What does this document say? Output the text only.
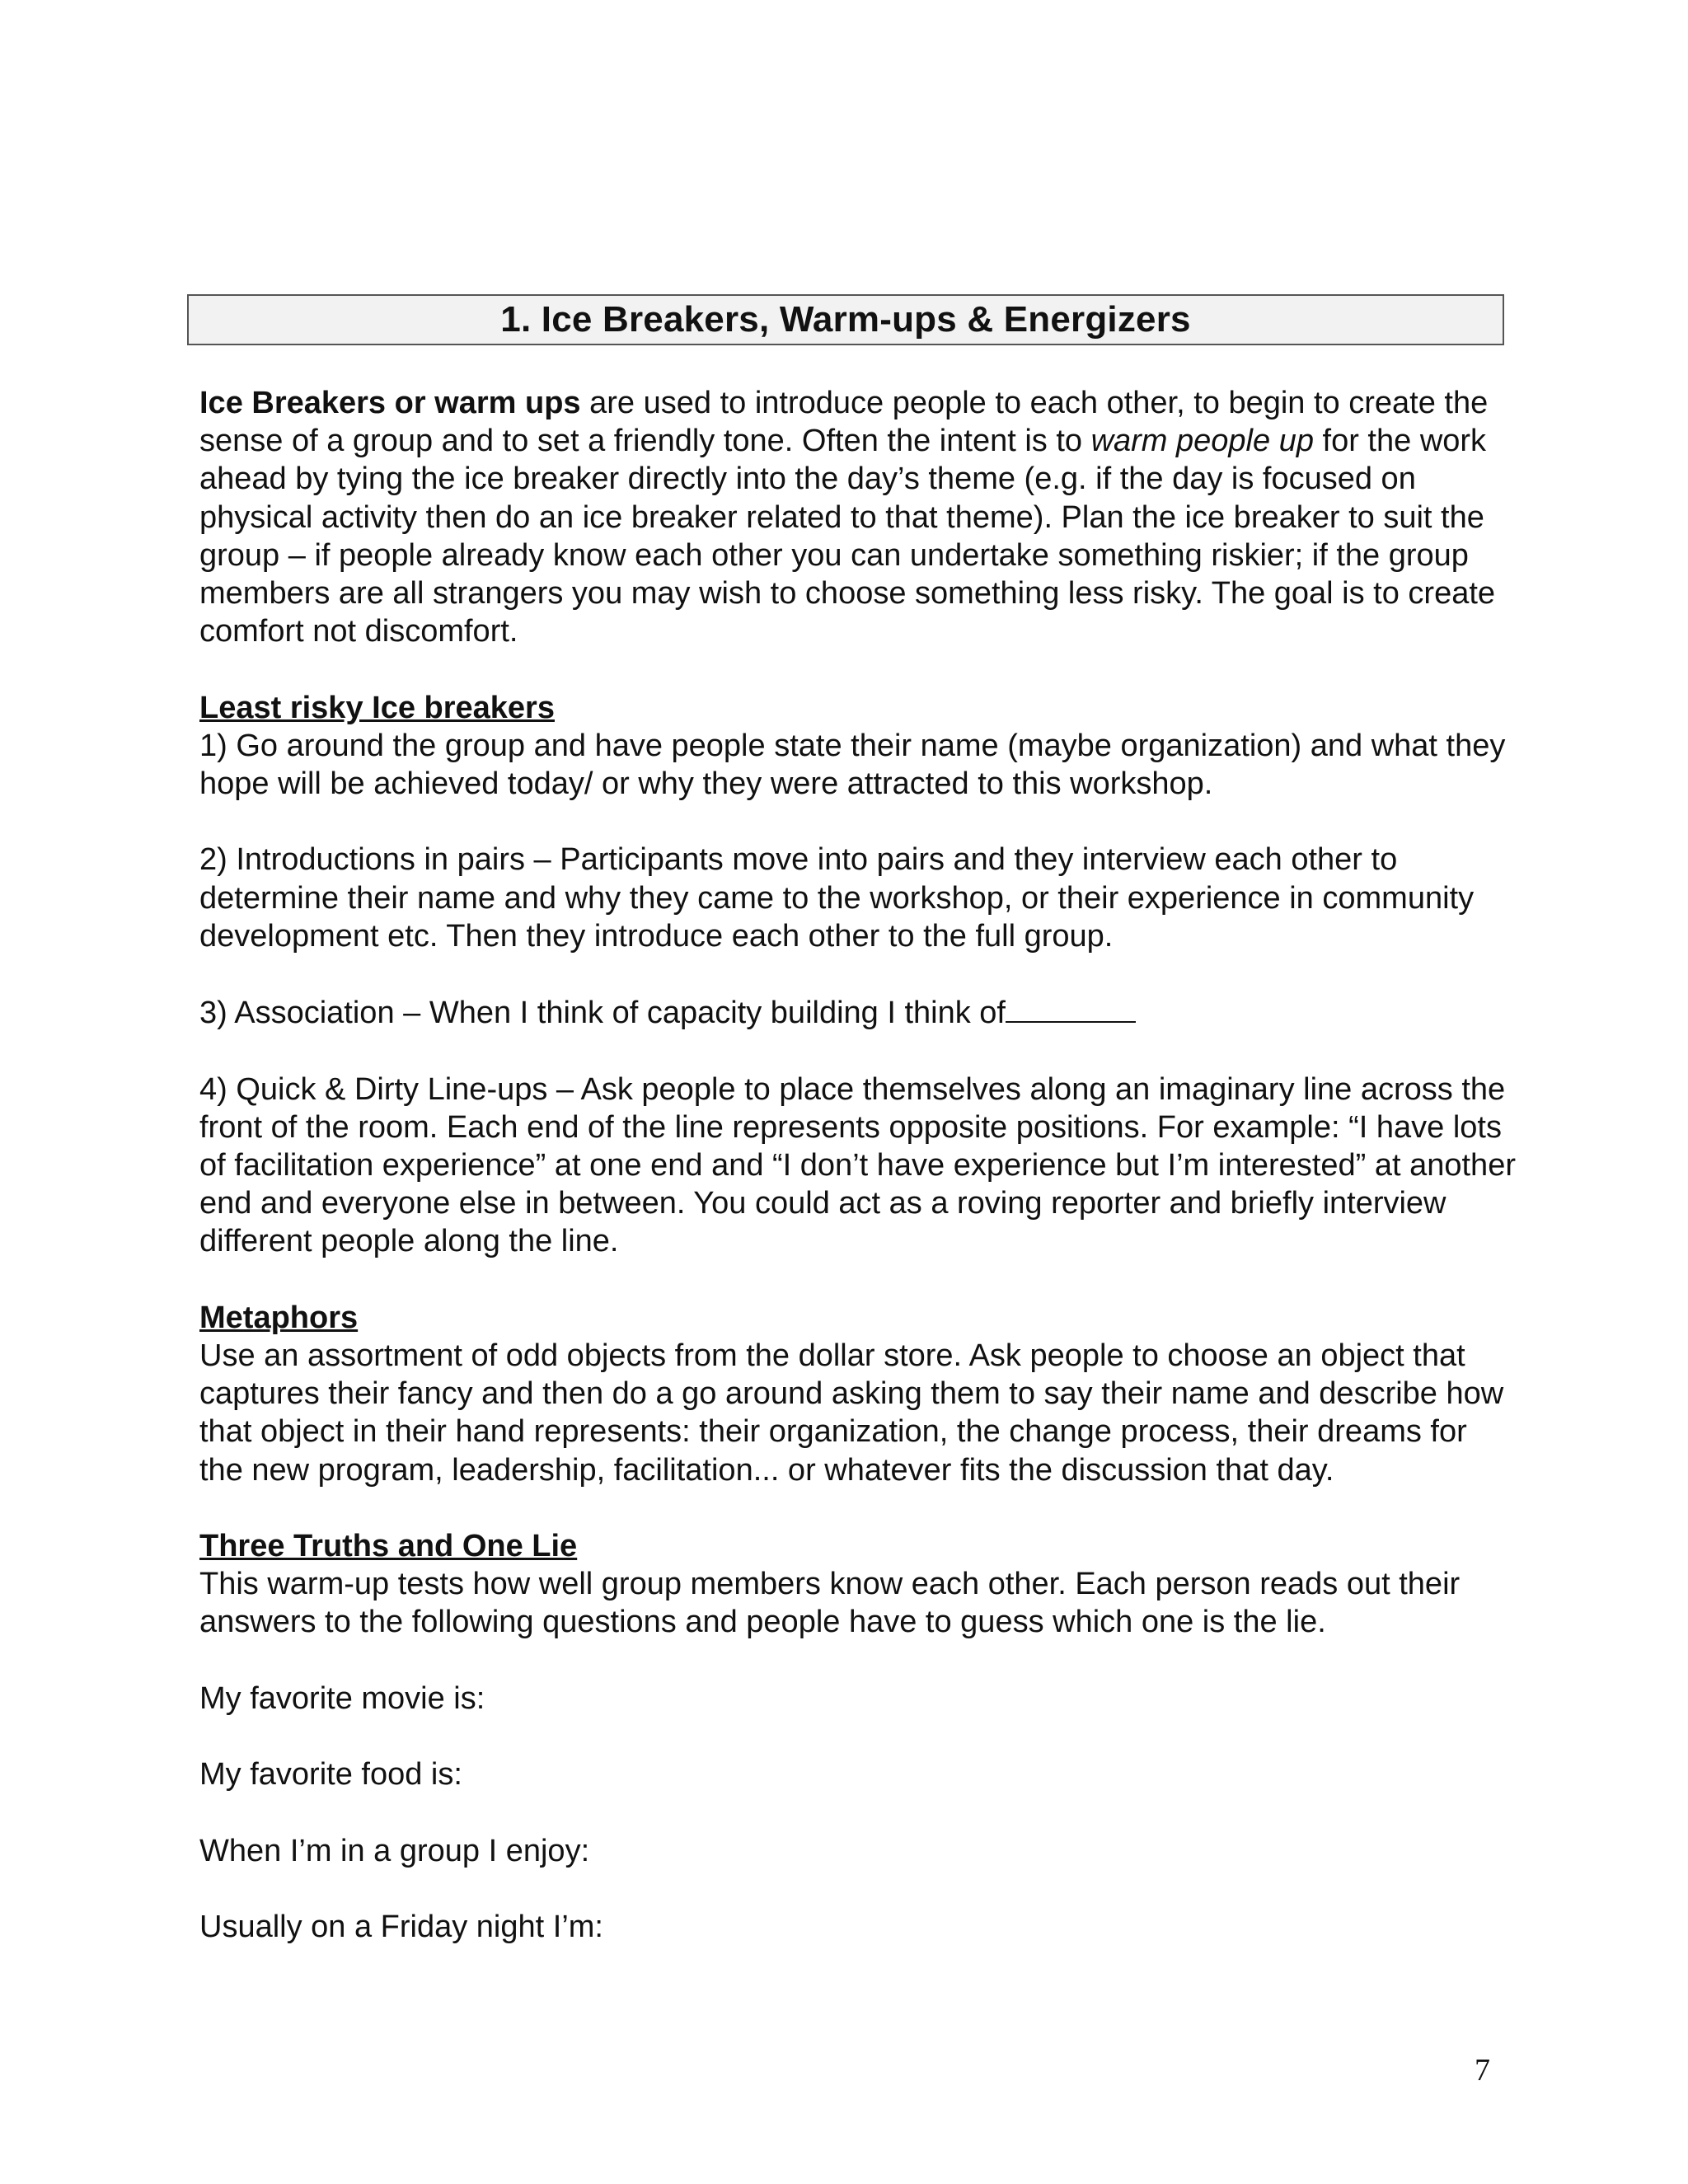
1. Ice Breakers, Warm-ups & Energizers

Ice Breakers or warm ups are used to introduce people to each other, to begin to create the sense of a group and to set a friendly tone. Often the intent is to warm people up for the work ahead by tying the ice breaker directly into the day’s theme (e.g. if the day is focused on physical activity then do an ice breaker related to that theme). Plan the ice breaker to suit the group – if people already know each other you can undertake something riskier; if the group members are all strangers you may wish to choose something less risky. The goal is to create comfort not discomfort.

Least risky Ice breakers
1) Go around the group and have people state their name (maybe organization) and what they hope will be achieved today/ or why they were attracted to this workshop.

2) Introductions in pairs – Participants move into pairs and they interview each other to determine their name and why they came to the workshop, or their experience in community development etc. Then they introduce each other to the full group.

3) Association – When I think of capacity building I think of

4) Quick & Dirty Line-ups – Ask people to place themselves along an imaginary line across the front of the room. Each end of the line represents opposite positions. For example: “I have lots of facilitation experience” at one end and “I don’t have experience but I’m interested” at another end and everyone else in between. You could act as a roving reporter and briefly interview different people along the line.

Metaphors
Use an assortment of odd objects from the dollar store. Ask people to choose an object that captures their fancy and then do a go around asking them to say their name and describe how that object in their hand represents: their organization, the change process, their dreams for the new program, leadership, facilitation... or whatever fits the discussion that day.

Three Truths and One Lie
This warm-up tests how well group members know each other. Each person reads out their answers to the following questions and people have to guess which one is the lie.

My favorite movie is:

My favorite food is:

When I’m in a group I enjoy:

Usually on a Friday night I’m:

7
